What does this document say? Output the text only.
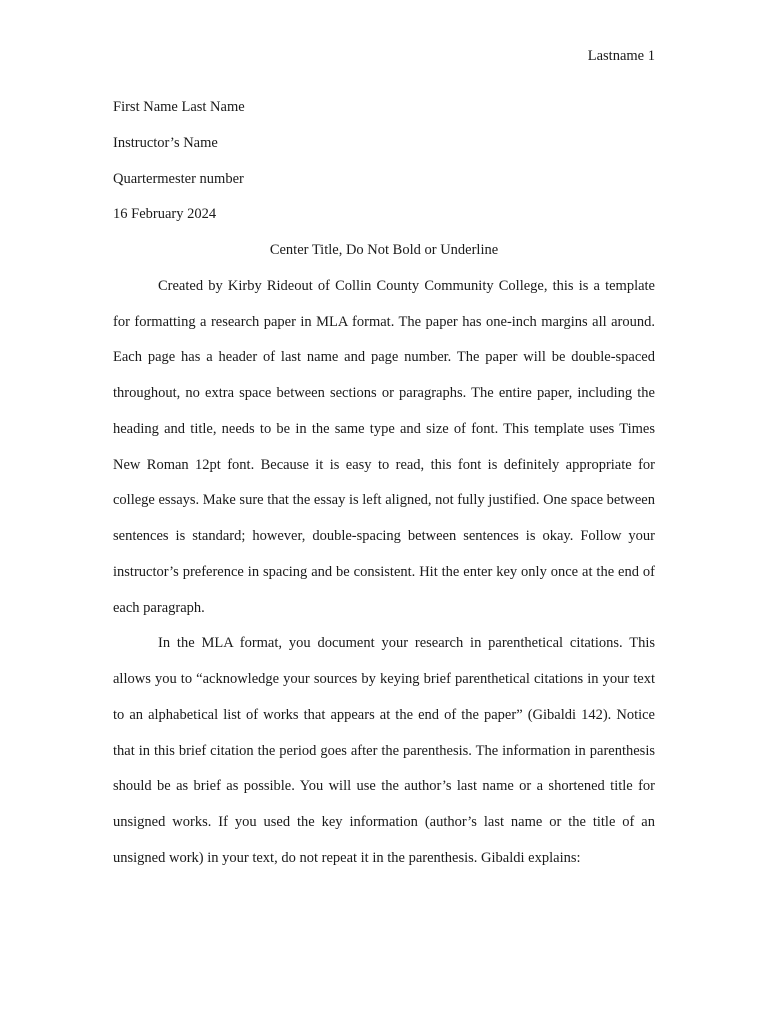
Lastname 1

First Name Last Name

Instructor’s Name

Quartermester number

16 February 2024

Center Title, Do Not Bold or Underline

Created by Kirby Rideout of Collin County Community College, this is a template for formatting a research paper in MLA format. The paper has one-inch margins all around. Each page has a header of last name and page number. The paper will be double-spaced throughout, no extra space between sections or paragraphs. The entire paper, including the heading and title, needs to be in the same type and size of font. This template uses Times New Roman 12pt font. Because it is easy to read, this font is definitely appropriate for college essays. Make sure that the essay is left aligned, not fully justified. One space between sentences is standard; however, double-spacing between sentences is okay. Follow your instructor’s preference in spacing and be consistent. Hit the enter key only once at the end of each paragraph.

In the MLA format, you document your research in parenthetical citations. This allows you to “acknowledge your sources by keying brief parenthetical citations in your text to an alphabetical list of works that appears at the end of the paper” (Gibaldi 142). Notice that in this brief citation the period goes after the parenthesis. The information in parenthesis should be as brief as possible. You will use the author’s last name or a shortened title for unsigned works. If you used the key information (author’s last name or the title of an unsigned work) in your text, do not repeat it in the parenthesis. Gibaldi explains:
